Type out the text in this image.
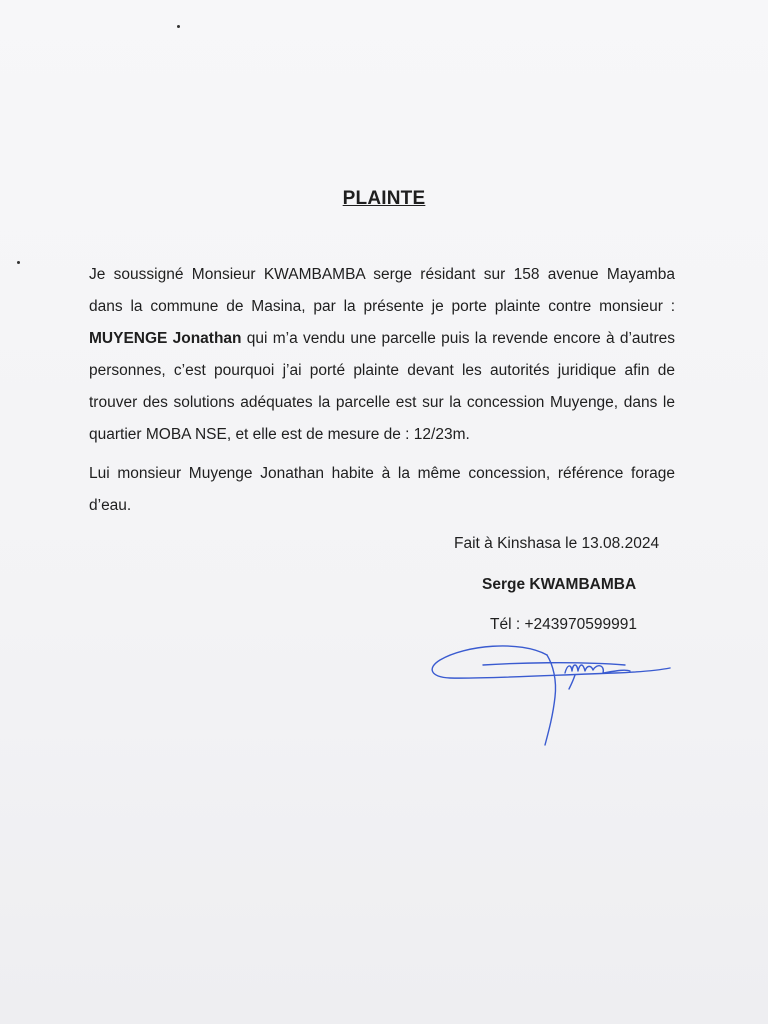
PLAINTE

Je soussigné Monsieur KWAMBAMBA serge résidant sur 158 avenue Mayamba dans la commune de Masina, par la présente je porte plainte contre monsieur : MUYENGE Jonathan qui m’a vendu une parcelle puis la revende encore à d’autres personnes, c’est pourquoi j’ai porté plainte devant les autorités juridique afin de trouver des solutions adéquates la parcelle est sur la concession Muyenge, dans le quartier MOBA NSE, et elle est de mesure de : 12/23m.

Lui monsieur Muyenge Jonathan habite à la même concession, référence forage d’eau.

Fait à Kinshasa le 13.08.2024
Serge KWAMBAMBA
Tél : +243970599991
